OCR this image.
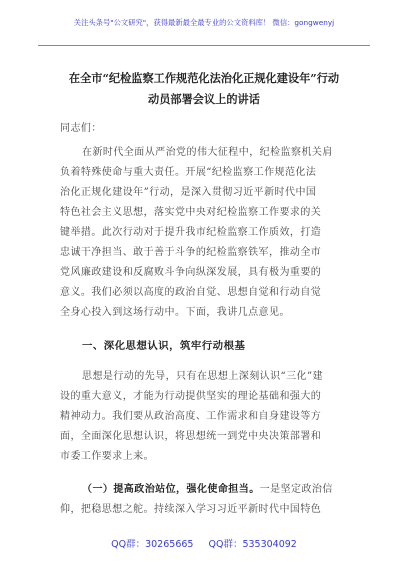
关注头条号"公文研究"，获得最新最全最专业的公文资料库！ 微信：gongwenyj
在全市“纪检监察工作规范化法治化正规化建设年”行动
动员部署会议上的讲话
同志们：
在新时代全面从严治党的伟大征程中，纪检监察机关肩
负着特殊使命与重大责任。开展“纪检监察工作规范化法
治化正规化建设年”行动，是深入贯彻习近平新时代中国
特色社会主义思想，落实党中央对纪检监察工作要求的关
键举措。此次行动对于提升我市纪检监察工作质效，打造
忠诚干净担当、敢于善于斗争的纪检监察铁军，推动全市
党风廉政建设和反腐败斗争向纵深发展，具有极为重要的
意义。我们必须以高度的政治自觉、思想自觉和行动自觉
全身心投入到这场行动中。下面，我讲几点意见。
一、深化思想认识，筑牢行动根基
思想是行动的先导，只有在思想上深刻认识“三化”建
设的重大意义，才能为行动提供坚实的理论基础和强大的
精神动力。我们要从政治高度、工作需求和自身建设等方
面，全面深化思想认识，将思想统一到党中央决策部署和
市委工作要求上来。
（一）提高政治站位，强化使命担当。一是坚定政治信
仰，把稳思想之舵。持续深入学习习近平新时代中国特色
QQ群：30265665 QQ群：535304092
